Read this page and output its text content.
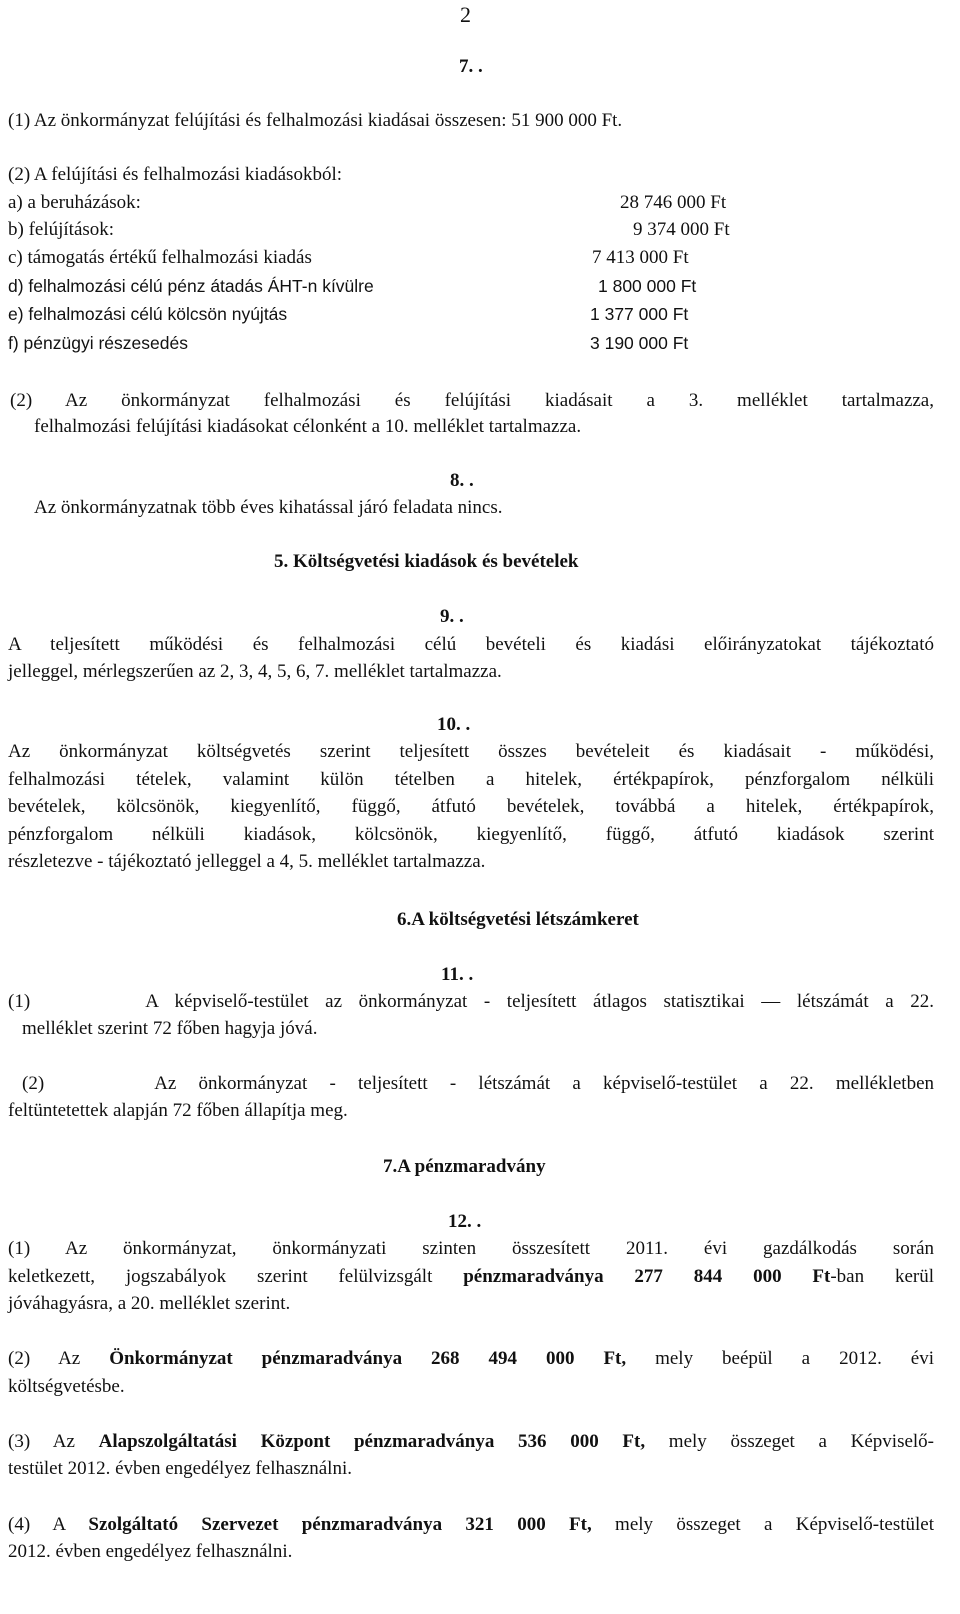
2
7. .
(1) Az önkormányzat felújítási és felhalmozási kiadásai összesen: 51 900 000 Ft.
(2) A felújítási és felhalmozási kiadásokból:
a) a beruházások:	28 746 000 Ft
b) felújítások:	9 374 000 Ft
c) támogatás értékű felhalmozási kiadás	7 413 000 Ft
d) felhalmozási célú pénz átadás ÁHT-n kívülre	1 800 000 Ft
e) felhalmozási célú kölcsön nyújtás	1 377 000 Ft
f) pénzügyi részesedés	3 190 000 Ft
(2) Az önkormányzat felhalmozási és felújítási kiadásait a 3. melléklet tartalmazza,
felhalmozási felújítási kiadásokat célonként a 10. melléklet tartalmazza.
8. .
Az önkormányzatnak több éves kihatással járó feladata nincs.
5. Költségvetési kiadások és bevételek
9. .
A teljesített működési és felhalmozási célú bevételi és kiadási előirányzatokat tájékoztató
jelleggel, mérlegszerűen az 2, 3, 4, 5, 6, 7. melléklet tartalmazza.
10. .
Az önkormányzat költségvetés szerint teljesített összes bevételeit és kiadásait - működési,
felhalmozási tételek, valamint külön tételben a hitelek, értékpapírok, pénzforgalom nélküli
bevételek, kölcsönök, kiegyenlítő, függő, átfutó bevételek, továbbá a hitelek, értékpapírok,
pénzforgalom nélküli kiadások, kölcsönök, kiegyenlítő, függő, átfutó kiadások szerint
részletezve - tájékoztató jelleggel a 4, 5. melléklet tartalmazza.
6.A költségvetési létszámkeret
11. .
(1)       A képviselő-testület az önkormányzat - teljesített átlagos statisztikai — létszámát a 22.
melléklet szerint 72 főben hagyja jóvá.
(2)     Az önkormányzat - teljesített - létszámát a képviselő-testület a 22. mellékletben
feltüntetettek alapján 72 főben állapítja meg.
7.A pénzmaradvány
12. .
(1) Az önkormányzat, önkormányzati szinten összesített 2011. évi gazdálkodás során
keletkezett, jogszabályok szerint felülvizsgált pénzmaradványa 277 844 000 Ft-ban kerül
jóváhagyásra, a 20. melléklet szerint.
(2) Az Önkormányzat pénzmaradványa 268 494 000 Ft, mely beépül a 2012. évi
költségvetésbe.
(3) Az Alapszolgáltatási Központ pénzmaradványa 536 000 Ft, mely összeget a Képviselő-
testület 2012. évben engedélyez felhasználni.
(4) A Szolgáltató Szervezet pénzmaradványa 321 000 Ft, mely összeget a Képviselő-testület
2012. évben engedélyez felhasználni.
